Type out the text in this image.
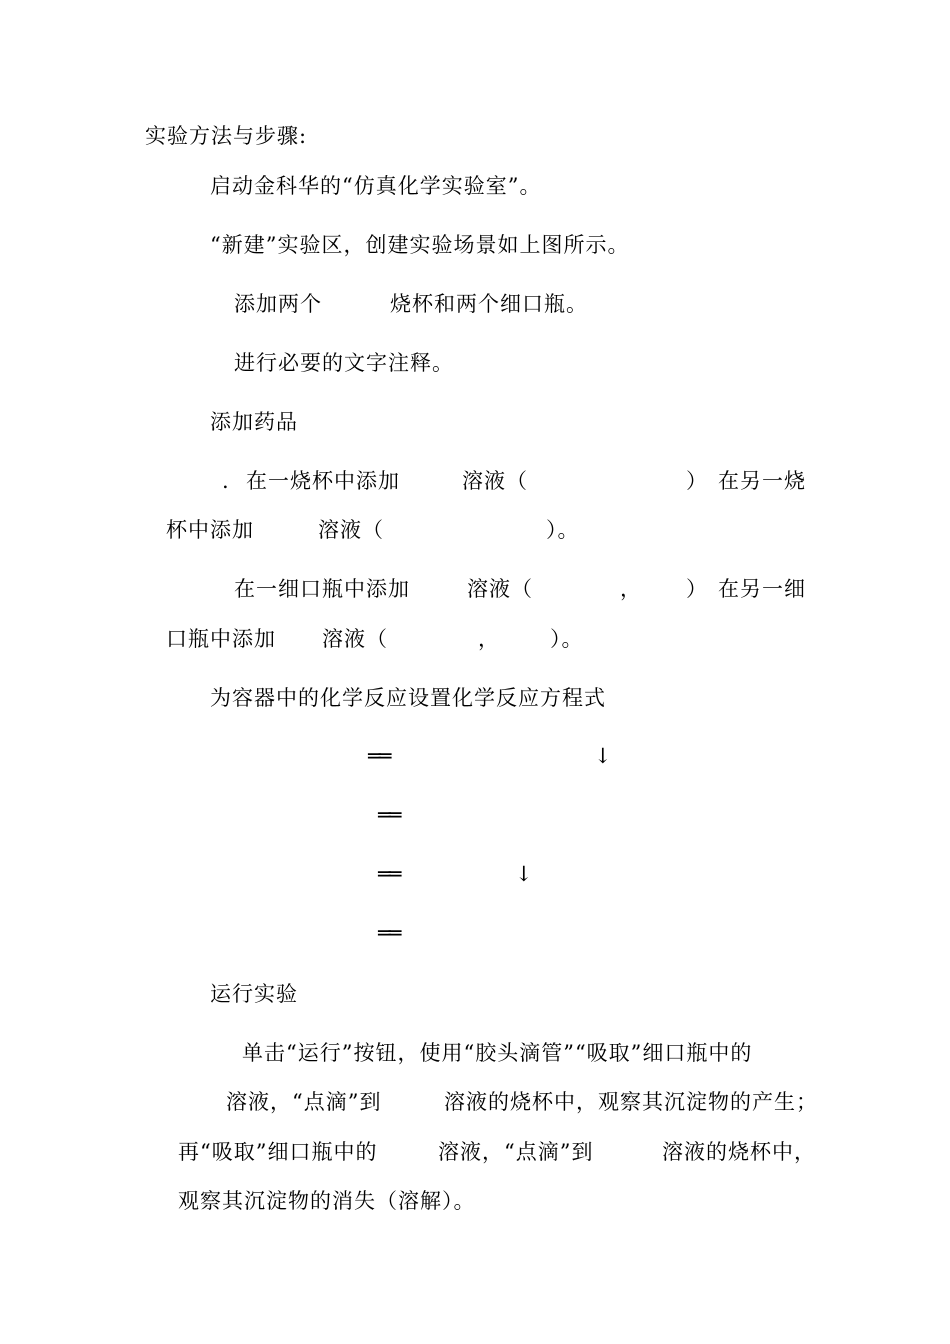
实验方法与步骤:
启动金科华的“仿真化学实验室”。
“新建”实验区，创建实验场景如上图所示。
添加两个	烧杯和两个细口瓶。
进行必要的文字注释。
添加药品
. 在一烧杯中添加	溶液（	） 在另一烧
杯中添加	溶液（	）。
在一细口瓶中添加	溶液（	， ） 在另一细
口瓶中添加 溶液（	， ）。
为容器中的化学反应设置化学反应方程式
══	↓
══
══	↓
══
运行实验
单击“运行”按钮，使用“胶头滴管”“吸取”细口瓶中的
溶液，“点滴”到	溶液的烧杯中，观察其沉淀物的产生；
再“吸取”细口瓶中的	溶液，“点滴”到	溶液的烧杯中，
观察其沉淀物的消失（溶解）。
